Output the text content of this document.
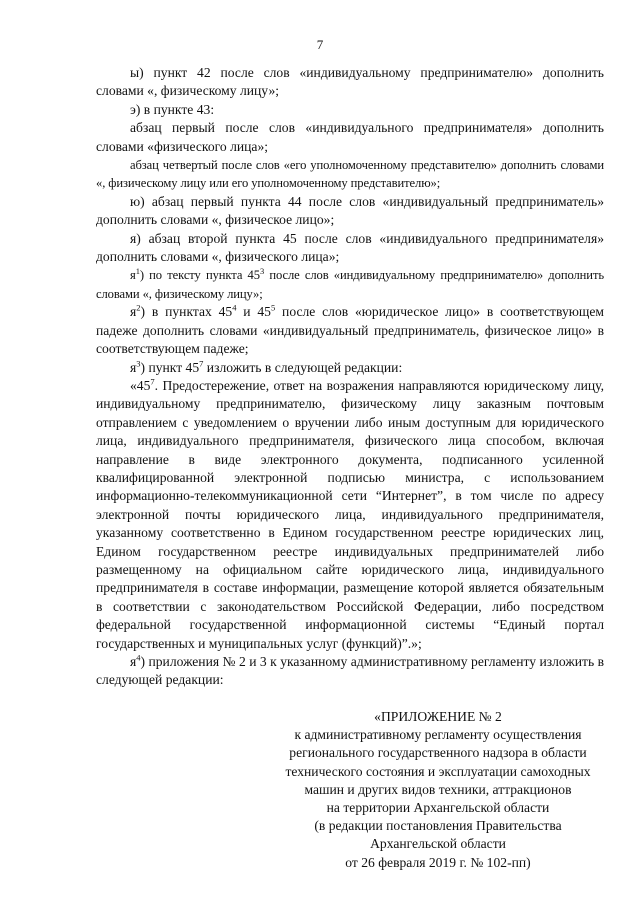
7

ы) пункт 42 после слов «индивидуальному предпринимателю» дополнить словами «, физическому лицу»;

э) в пункте 43:

абзац первый после слов «индивидуального предпринимателя» дополнить словами «физического лица»;

абзац четвертый после слов «его уполномоченному представителю» дополнить словами «, физическому лицу или его уполномоченному представителю»;

ю) абзац первый пункта 44 после слов «индивидуальный предприниматель» дополнить словами «, физическое лицо»;

я) абзац второй пункта 45 после слов «индивидуального предпринимателя» дополнить словами «, физического лица»;

$я^1$) по тексту пункта $45^3$ после слов «индивидуальному предпринимателю» дополнить словами «, физическому лицу»;

$я^2$) в пунктах $45^4$ и $45^5$ после слов «юридическое лицо» в соответствующем падеже дополнить словами «индивидуальный предприниматель, физическое лицо» в соответствующем падеже;

$я^3$) пункт $45^7$ изложить в следующей редакции:

«$45^7$. Предостережение, ответ на возражения направляются юридическому лицу, индивидуальному предпринимателю, физическому лицу заказным почтовым отправлением с уведомлением о вручении либо иным доступным для юридического лица, индивидуального предпринимателя, физического лица способом, включая направление в виде электронного документа, подписанного усиленной квалифицированной электронной подписью министра, с использованием информационно-телекоммуникационной сети “Интернет”, в том числе по адресу электронной почты юридического лица, индивидуального предпринимателя, указанному соответственно в Едином государственном реестре юридических лиц, Едином государственном реестре индивидуальных предпринимателей либо размещенному на официальном сайте юридического лица, индивидуального предпринимателя в составе информации, размещение которой является обязательным в соответствии с законодательством Российской Федерации, либо посредством федеральной государственной информационной системы “Единый портал государственных и муниципальных услуг (функций)”.»;

$я^4$) приложения № 2 и 3 к указанному административному регламенту изложить в следующей редакции:

«ПРИЛОЖЕНИЕ № 2
к административному регламенту осуществления
регионального государственного надзора в области
технического состояния и эксплуатации самоходных
машин и других видов техники, аттракционов
на территории Архангельской области
(в редакции постановления Правительства
Архангельской области
от 26 февраля 2019 г. № 102-пп)
